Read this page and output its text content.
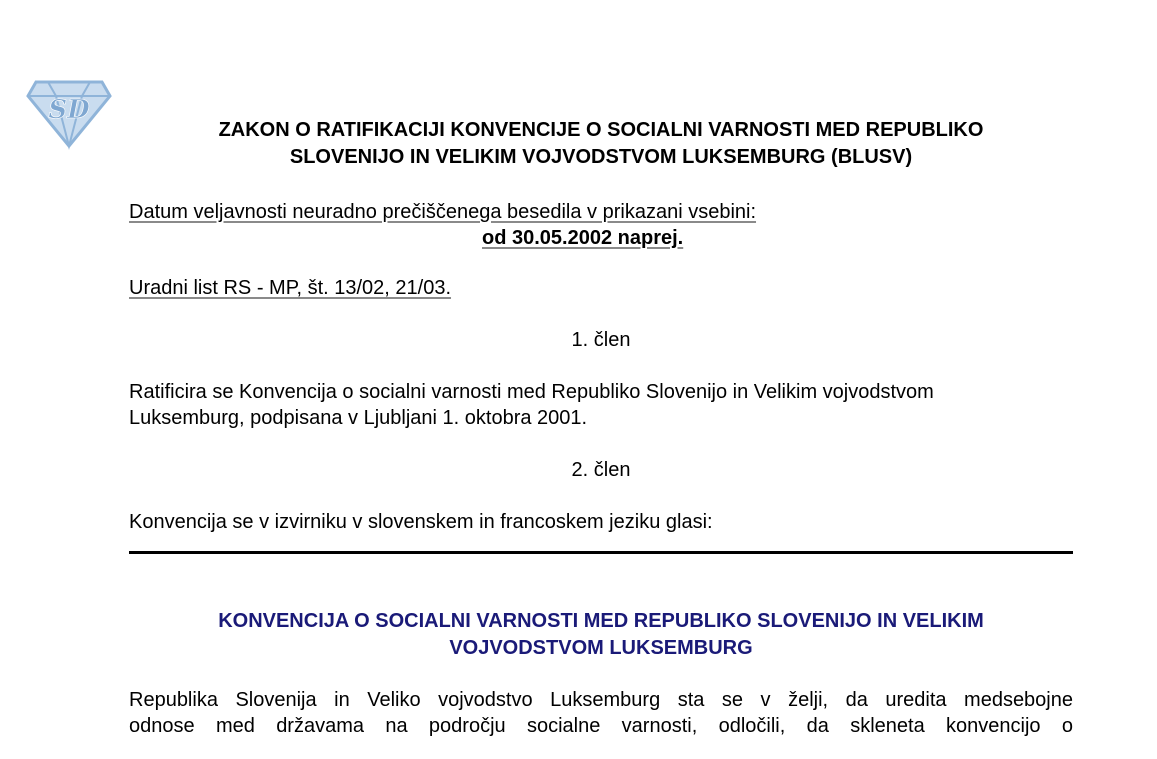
SD
ZAKON O RATIFIKACIJI KONVENCIJE O SOCIALNI VARNOSTI MED REPUBLIKO
SLOVENIJO IN VELIKIM VOJVODSTVOM LUKSEMBURG (BLUSV)

Datum veljavnosti neuradno prečiščenega besedila v prikazani vsebini:
od 30.05.2002 naprej.

Uradni list RS - MP, št. 13/02, 21/03.

1. člen

Ratificira se Konvencija o socialni varnosti med Republiko Slovenijo in Velikim vojvodstvom
Luksemburg, podpisana v Ljubljani 1. oktobra 2001.

2. člen

Konvencija se v izvirniku v slovenskem in francoskem jeziku glasi:

KONVENCIJA O SOCIALNI VARNOSTI MED REPUBLIKO SLOVENIJO IN VELIKIM
VOJVODSTVOM LUKSEMBURG

Republika Slovenija in Veliko vojvodstvo Luksemburg sta se v želji, da uredita medsebojne
odnose med državama na področju socialne varnosti, odločili, da skleneta konvencijo o
